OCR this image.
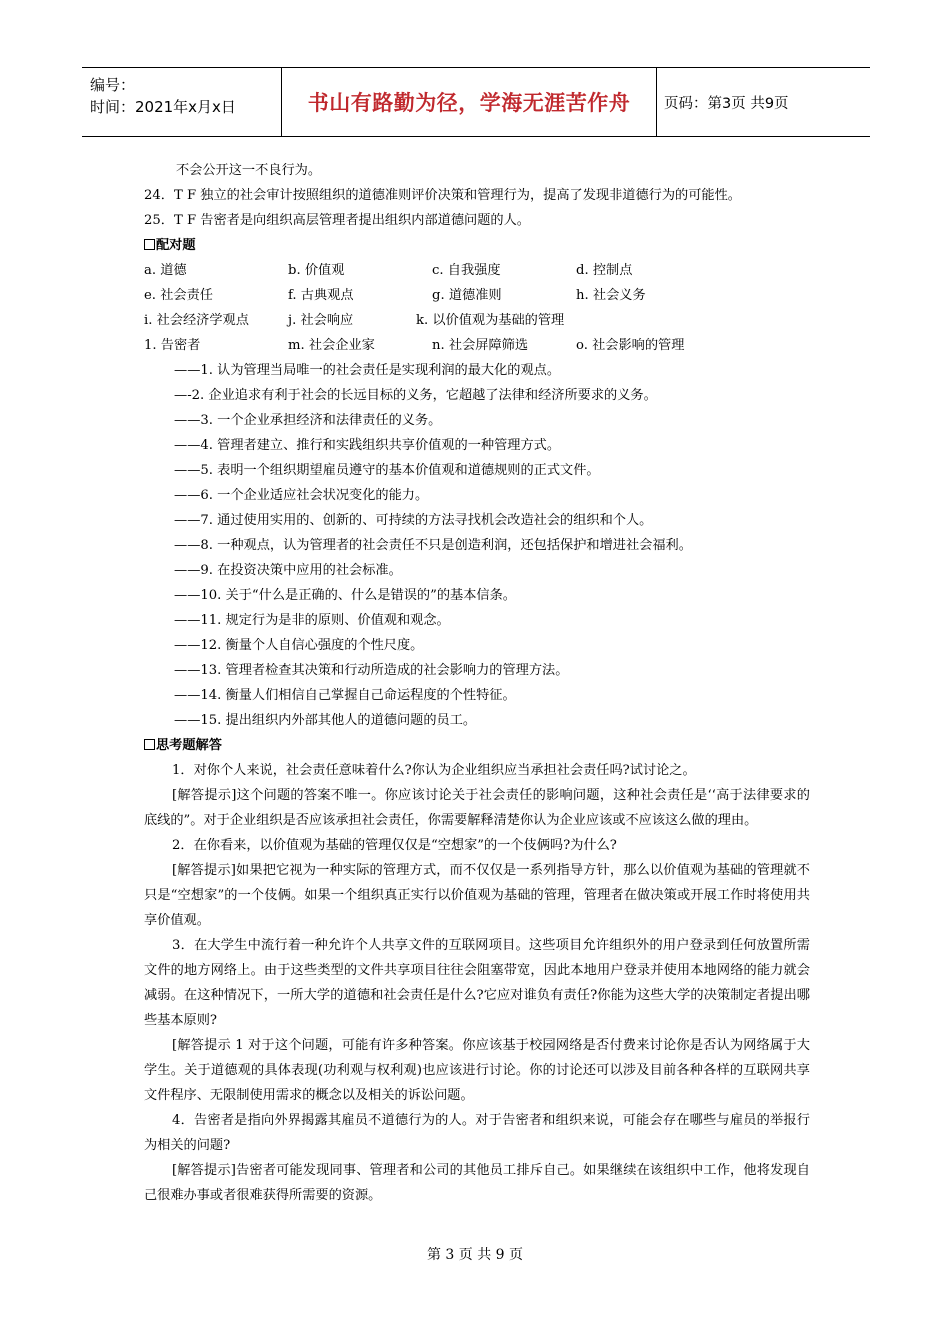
编号：
时间：2021年x月x日	书山有路勤为径，学海无涯苦作舟	页码：第3页 共9页
不会公开这一不良行为。
24．T F 独立的社会审计按照组织的道德准则评价决策和管理行为，提高了发现非道德行为的可能性。
25．T F 告密者是向组织高层管理者提出组织内部道德问题的人。
配对题
a. 道德	b. 价值观	c. 自我强度	d. 控制点
e. 社会责任	f. 古典观点	g. 道德准则	h. 社会义务
i. 社会经济学观点	j. 社会响应	k. 以价值观为基础的管理
1. 告密者	m. 社会企业家	n. 社会屏障筛选	o. 社会影响的管理
——1. 认为管理当局唯一的社会责任是实现利润的最大化的观点。
—-2. 企业追求有利于社会的长远目标的义务，它超越了法律和经济所要求的义务。
——3. 一个企业承担经济和法律责任的义务。
——4. 管理者建立、推行和实践组织共享价值观的一种管理方式。
——5. 表明一个组织期望雇员遵守的基本价值观和道德规则的正式文件。
——6. 一个企业适应社会状况变化的能力。
——7. 通过使用实用的、创新的、可持续的方法寻找机会改造社会的组织和个人。
——8. 一种观点，认为管理者的社会责任不只是创造利润，还包括保护和增进社会福利。
——9. 在投资决策中应用的社会标准。
——10. 关于“什么是正确的、什么是错误的”的基本信条。
——11. 规定行为是非的原则、价值观和观念。
——12. 衡量个人自信心强度的个性尺度。
——13. 管理者检查其决策和行动所造成的社会影响力的管理方法。
——14. 衡量人们相信自己掌握自己命运程度的个性特征。
——15. 提出组织内外部其他人的道德问题的员工。
思考题解答
1．对你个人来说，社会责任意味着什么?你认为企业组织应当承担社会责任吗?试讨论之。
[解答提示]这个问题的答案不唯一。你应该讨论关于社会责任的影响问题，这种社会责任是‘‘高于法律要求的底线的”。对于企业组织是否应该承担社会责任，你需要解释清楚你认为企业应该或不应该这么做的理由。
2．在你看来，以价值观为基础的管理仅仅是“空想家”的一个伎俩吗?为什么?
[解答提示]如果把它视为一种实际的管理方式，而不仅仅是一系列指导方针，那么以价值观为基础的管理就不只是“空想家”的一个伎俩。如果一个组织真正实行以价值观为基础的管理，管理者在做决策或开展工作时将使用共享价值观。
3．在大学生中流行着一种允许个人共享文件的互联网项目。这些项目允许组织外的用户登录到任何放置所需文件的地方网络上。由于这些类型的文件共享项目往往会阻塞带宽，因此本地用户登录并使用本地网络的能力就会减弱。在这种情况下，一所大学的道德和社会责任是什么?它应对谁负有责任?你能为这些大学的决策制定者提出哪些基本原则?
[解答提示 1 对于这个问题，可能有许多种答案。你应该基于校园网络是否付费来讨论你是否认为网络属于大学生。关于道德观的具体表现(功利观与权利观)也应该进行讨论。你的讨论还可以涉及目前各种各样的互联网共享文件程序、无限制使用需求的概念以及相关的诉讼问题。
4．告密者是指向外界揭露其雇员不道德行为的人。对于告密者和组织来说，可能会存在哪些与雇员的举报行为相关的问题?
[解答提示]告密者可能发现同事、管理者和公司的其他员工排斥自己。如果继续在该组织中工作，他将发现自己很难办事或者很难获得所需要的资源。
第 3 页 共 9 页
